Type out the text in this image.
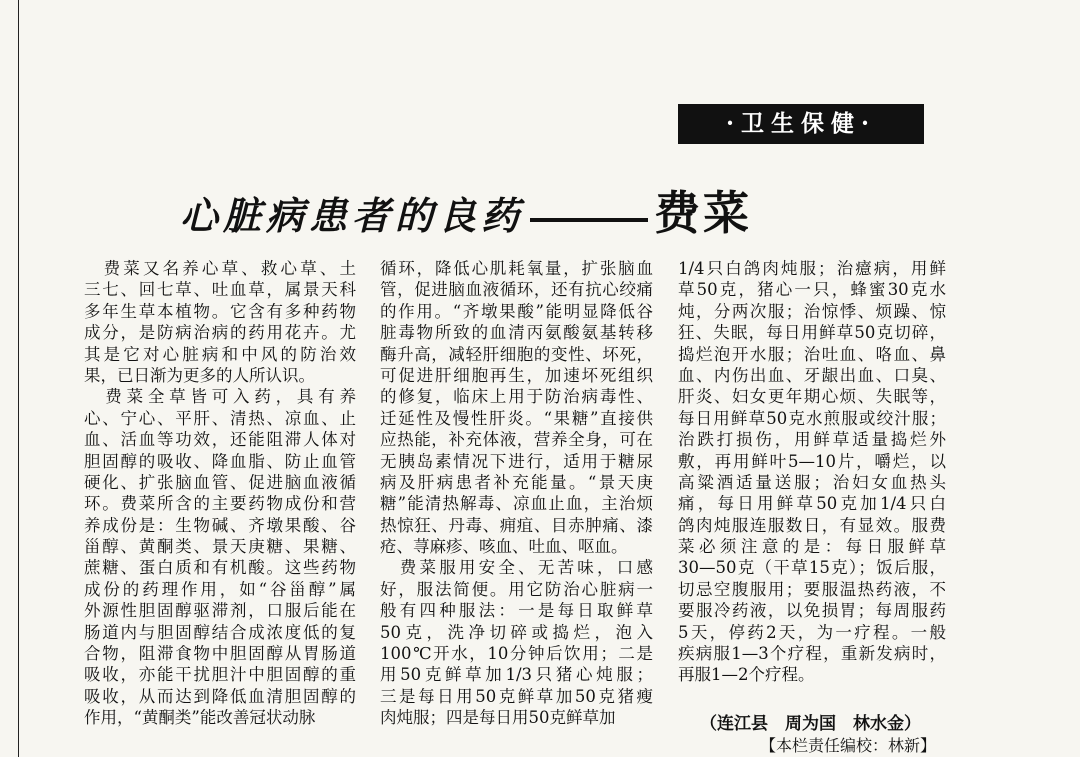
·卫生保健·
心脏病患者的良药	费菜
　费菜又名养心草、救心草、土
三七、回七草、吐血草，属景天科
多年生草本植物。它含有多种药物
成分，是防病治病的药用花卉。尤
其是它对心脏病和中风的防治效
果，已日渐为更多的人所认识。
　费菜全草皆可入药，具有养
心、宁心、平肝、清热、凉血、止
血、活血等功效，还能阻滞人体对
胆固醇的吸收、降血脂、防止血管
硬化、扩张脑血管、促进脑血液循
环。费菜所含的主要药物成份和营
养成份是：生物碱、齐墩果酸、谷
甾醇、黄酮类、景天庚糖、果糖、
蔗糖、蛋白质和有机酸。这些药物
成份的药理作用，如“谷甾醇”属
外源性胆固醇驱滞剂，口服后能在
肠道内与胆固醇结合成浓度低的复
合物，阻滞食物中胆固醇从胃肠道
吸收，亦能干扰胆汁中胆固醇的重
吸收，从而达到降低血清胆固醇的
作用，“黄酮类”能改善冠状动脉
循环，降低心肌耗氧量，扩张脑血
管，促进脑血液循环，还有抗心绞痛
的作用。“齐墩果酸”能明显降低谷
脏毒物所致的血清丙氨酸氨基转移
酶升高，减轻肝细胞的变性、坏死，
可促进肝细胞再生，加速坏死组织
的修复，临床上用于防治病毒性、
迁延性及慢性肝炎。“果糖”直接供
应热能，补充体液，营养全身，可在
无胰岛素情况下进行，适用于糖尿
病及肝病患者补充能量。“景天庚
糖”能清热解毒、凉血止血，主治烦
热惊狂、丹毒、痈疽、目赤肿痛、漆
疮、荨麻疹、咳血、吐血、呕血。
　费菜服用安全、无苦味，口感
好，服法简便。用它防治心脏病一
般有四种服法：一是每日取鲜草
50克，洗净切碎或捣烂，泡入
100℃开水，10分钟后饮用；二是
用50克鲜草加1/3只猪心炖服；
三是每日用50克鲜草加50克猪瘦
肉炖服；四是每日用50克鲜草加
1/4只白鸽肉炖服；治癔病，用鲜
草50克，猪心一只，蜂蜜30克水
炖，分两次服；治惊悸、烦躁、惊
狂、失眠，每日用鲜草50克切碎，
捣烂泡开水服；治吐血、咯血、鼻
血、内伤出血、牙龈出血、口臭、
肝炎、妇女更年期心烦、失眠等，
每日用鲜草50克水煎服或绞汁服；
治跌打损伤，用鲜草适量捣烂外
敷，再用鲜叶5—10片，嚼烂，以
高粱酒适量送服；治妇女血热头
痛，每日用鲜草50克加1/4只白
鸽肉炖服连服数日，有显效。服费
菜必须注意的是：每日服鲜草
30—50克（干草15克）；饭后服，
切忌空腹服用；要服温热药液，不
要服冷药液，以免损胃；每周服药
5天，停药2天，为一疗程。一般
疾病服1—3个疗程，重新发病时，
再服1—2个疗程。
（连江县　周为国　林水金）
【本栏责任编校：林新】
